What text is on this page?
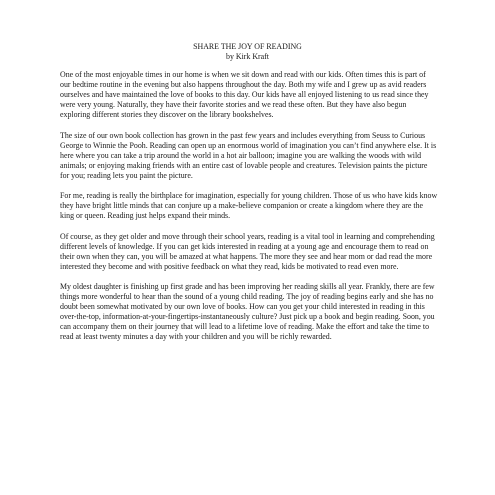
SHARE THE JOY OF READING
by Kirk Kraft

One of the most enjoyable times in our home is when we sit down and read with our kids. Often times this is part of our bedtime routine in the evening but also happens throughout the day. Both my wife and I grew up as avid readers ourselves and have maintained the love of books to this day. Our kids have all enjoyed listening to us read since they were very young. Naturally, they have their favorite stories and we read these often. But they have also begun exploring different stories they discover on the library bookshelves.

The size of our own book collection has grown in the past few years and includes everything from Seuss to Curious George to Winnie the Pooh. Reading can open up an enormous world of imagination you can’t find anywhere else. It is here where you can take a trip around the world in a hot air balloon; imagine you are walking the woods with wild animals; or enjoying making friends with an entire cast of lovable people and creatures. Television paints the picture for you; reading lets you paint the picture.

For me, reading is really the birthplace for imagination, especially for young children. Those of us who have kids know they have bright little minds that can conjure up a make-believe companion or create a kingdom where they are the king or queen. Reading just helps expand their minds.

Of course, as they get older and move through their school years, reading is a vital tool in learning and comprehending different levels of knowledge. If you can get kids interested in reading at a young age and encourage them to read on their own when they can, you will be amazed at what happens. The more they see and hear mom or dad read the more interested they become and with positive feedback on what they read, kids be motivated to read even more.

My oldest daughter is finishing up first grade and has been improving her reading skills all year. Frankly, there are few things more wonderful to hear than the sound of a young child reading. The joy of reading begins early and she has no doubt been somewhat motivated by our own love of books. How can you get your child interested in reading in this over-the-top, information-at-your-fingertips-instantaneously culture? Just pick up a book and begin reading. Soon, you can accompany them on their journey that will lead to a lifetime love of reading. Make the effort and take the time to read at least twenty minutes a day with your children and you will be richly rewarded.
